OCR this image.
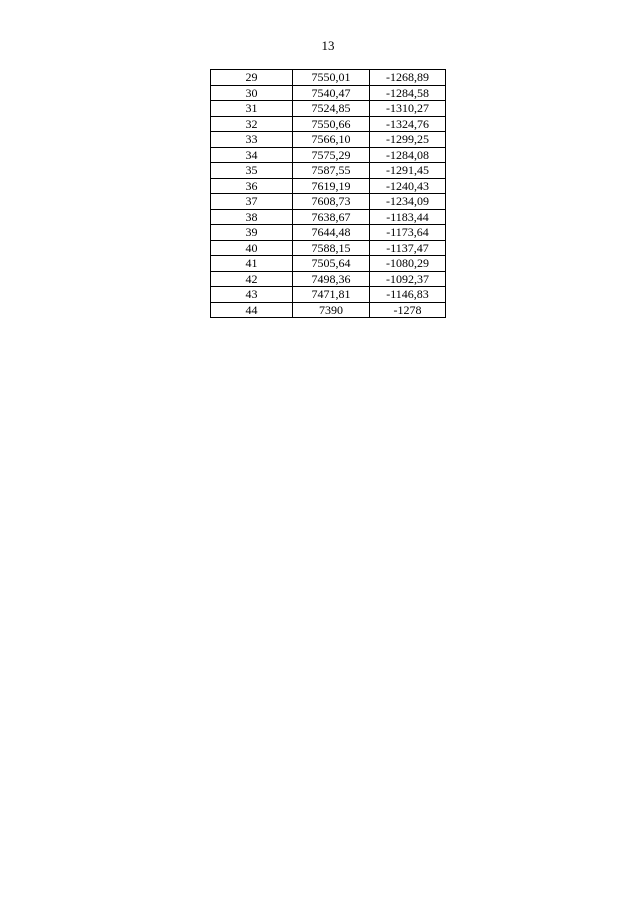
13
29	7550,01	-1268,89
30	7540,47	-1284,58
31	7524,85	-1310,27
32	7550,66	-1324,76
33	7566,10	-1299,25
34	7575,29	-1284,08
35	7587,55	-1291,45
36	7619,19	-1240,43
37	7608,73	-1234,09
38	7638,67	-1183,44
39	7644,48	-1173,64
40	7588,15	-1137,47
41	7505,64	-1080,29
42	7498,36	-1092,37
43	7471,81	-1146,83
44	7390	-1278
